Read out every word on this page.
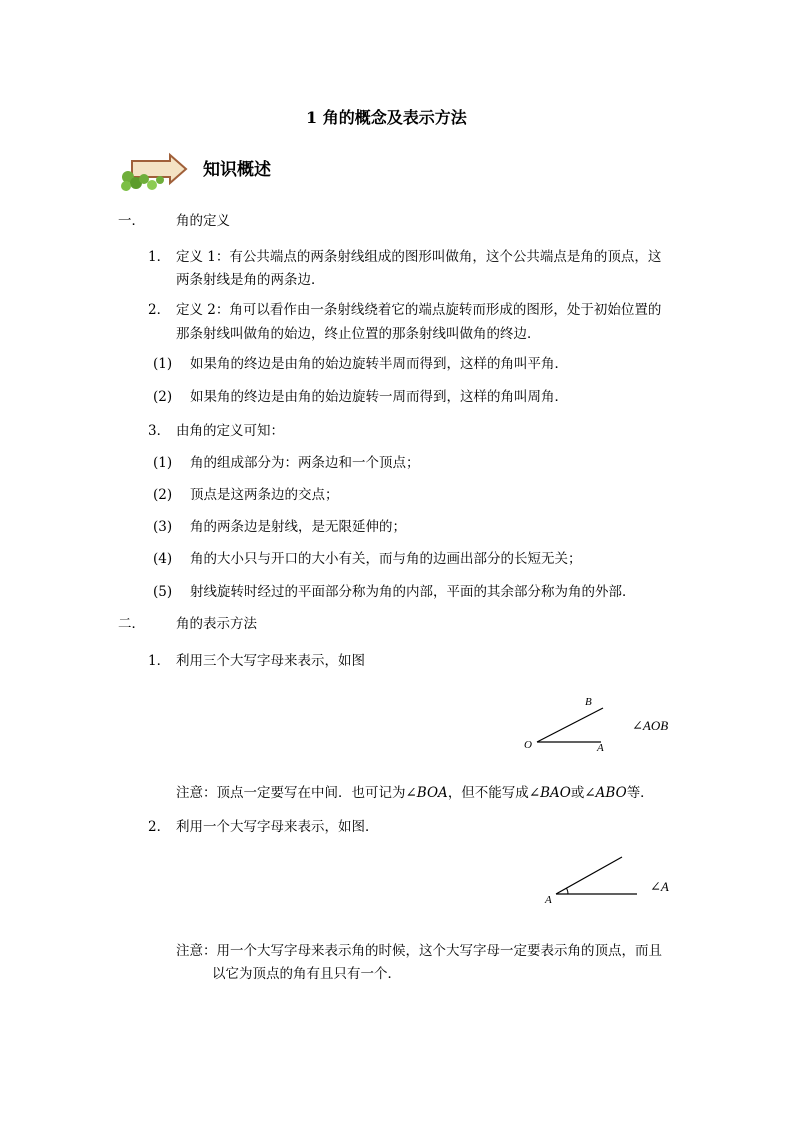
1 角的概念及表示方法
知识概述
一． 角的定义
1． 定义 1：有公共端点的两条射线组成的图形叫做角，这个公共端点是角的顶点，这
两条射线是角的两条边．
2． 定义 2：角可以看作由一条射线绕着它的端点旋转而形成的图形，处于初始位置的
那条射线叫做角的始边，终止位置的那条射线叫做角的终边．
(1) 如果角的终边是由角的始边旋转半周而得到，这样的角叫平角．
(2) 如果角的终边是由角的始边旋转一周而得到，这样的角叫周角．
3． 由角的定义可知：
(1) 角的组成部分为：两条边和一个顶点；
(2) 顶点是这两条边的交点；
(3) 角的两条边是射线，是无限延伸的；
(4) 角的大小只与开口的大小有关，而与角的边画出部分的长短无关；
(5) 射线旋转时经过的平面部分称为角的内部，平面的其余部分称为角的外部．
二． 角的表示方法
1． 利用三个大写字母来表示，如图
B
O	A
∠AOB
注意：顶点一定要写在中间．也可记为∠BOA，但不能写成∠BAO或∠ABO等．
2． 利用一个大写字母来表示，如图．
A
∠A
注意：用一个大写字母来表示角的时候，这个大写字母一定要表示角的顶点，而且
以它为顶点的角有且只有一个．
